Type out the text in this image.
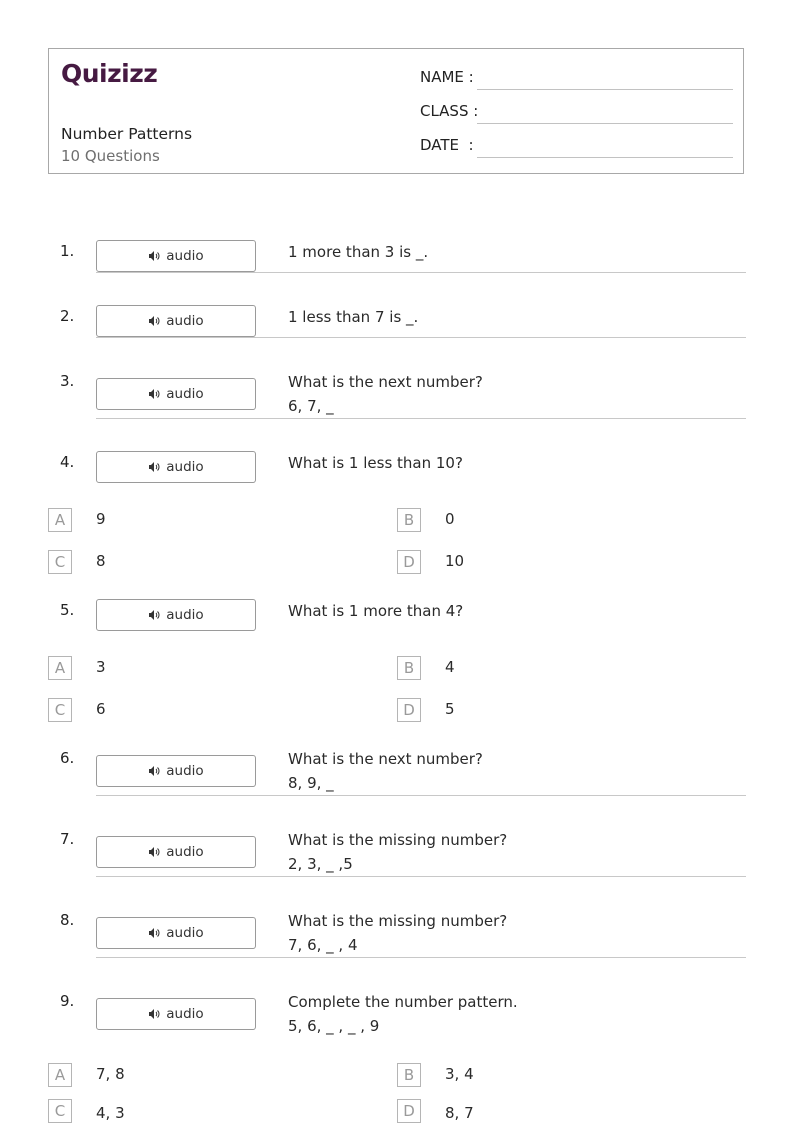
Quizizz
Number Patterns
10 Questions
NAME :
CLASS :
DATE  :
1.	audio	1 more than 3 is _.
2.	audio	1 less than 7 is _.
3.
audio
What is the next number?
6, 7, _
4.	audio	What is 1 less than 10?
A	9	B	0
C	8	D	10
5.	audio	What is 1 more than 4?
A	3	B	4
C	6	D	5
6.
audio
What is the next number?
8, 9, _
7.
audio
What is the missing number?
2, 3, _ ,5
8.
audio
What is the missing number?
7, 6, _ , 4
9.
audio
Complete the number pattern.
5, 6, _ , _ , 9
A	7, 8	B	3, 4
C	4, 3	D	8, 7
